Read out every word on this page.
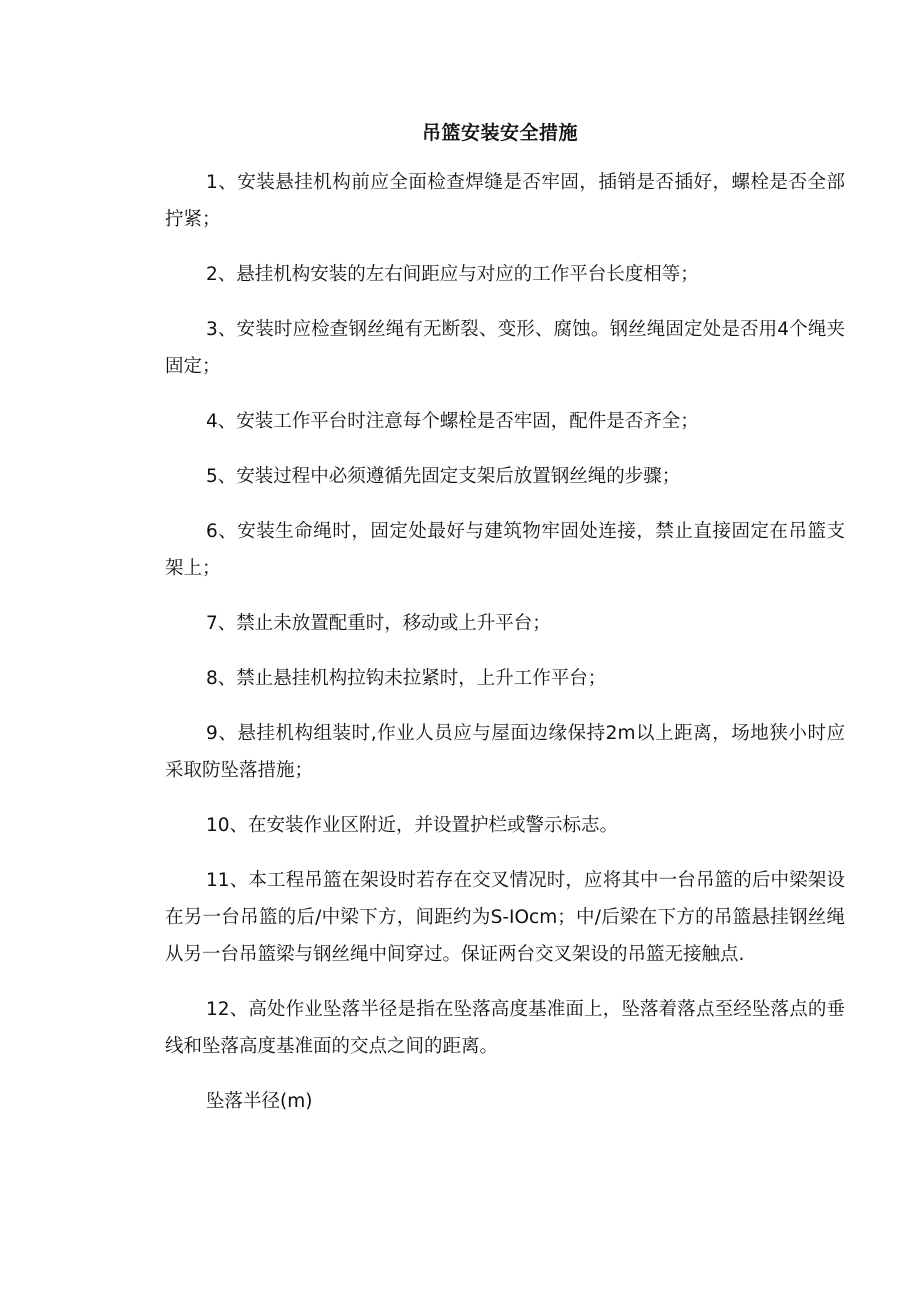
吊篮安装安全措施

1、安装悬挂机构前应全面检查焊缝是否牢固，插销是否插好，螺栓是否全部拧紧；

2、悬挂机构安装的左右间距应与对应的工作平台长度相等；

3、安装时应检查钢丝绳有无断裂、变形、腐蚀。钢丝绳固定处是否用4个绳夹固定；

4、安装工作平台时注意每个螺栓是否牢固，配件是否齐全；

5、安装过程中必须遵循先固定支架后放置钢丝绳的步骤；

6、安装生命绳时，固定处最好与建筑物牢固处连接，禁止直接固定在吊篮支架上；

7、禁止未放置配重时，移动或上升平台；

8、禁止悬挂机构拉钩未拉紧时，上升工作平台；

9、悬挂机构组装时,作业人员应与屋面边缘保持2m以上距离，场地狭小时应采取防坠落措施；

10、在安装作业区附近，并设置护栏或警示标志。

11、本工程吊篮在架设时若存在交叉情况时，应将其中一台吊篮的后中梁架设在另一台吊篮的后/中梁下方，间距约为S-IOcm；中/后梁在下方的吊篮悬挂钢丝绳从另一台吊篮梁与钢丝绳中间穿过。保证两台交叉架设的吊篮无接触点.

12、高处作业坠落半径是指在坠落高度基准面上，坠落着落点至经坠落点的垂线和坠落高度基准面的交点之间的距离。

坠落半径(m)
